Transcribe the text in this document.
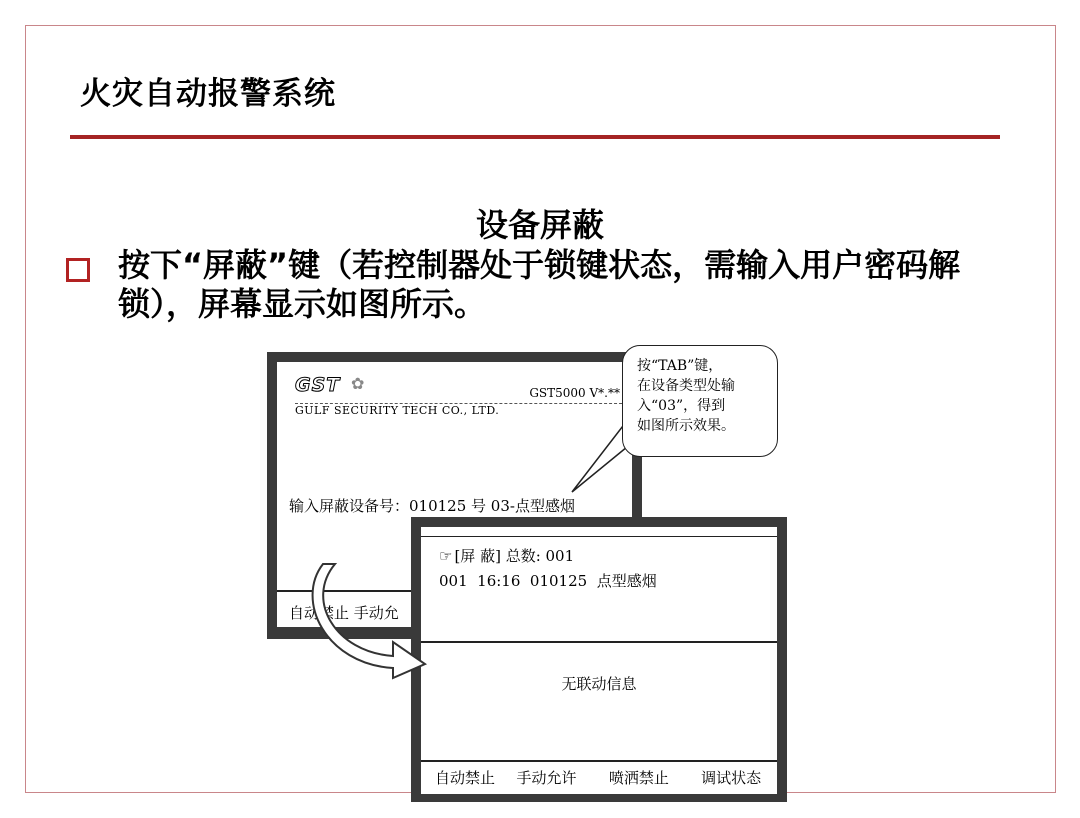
火灾自动报警系统
设备屏蔽
按下“屏蔽”键（若控制器处于锁键状态，需输入用户密码解锁），屏幕显示如图所示。
GST ✿	GST5000 V*.**
GULF SECURITY TECH CO., LTD.
输入屏蔽设备号：010125 号 03-点型感烟
自动禁止 手动允
按“TAB”键，
在设备类型处输
入“03”，得到
如图所示效果。
☞ [屏 蔽] 总数: 001
001  16:16  010125  点型感烟
无联动信息
自动禁止  手动允许   喷洒禁止   调试状态
